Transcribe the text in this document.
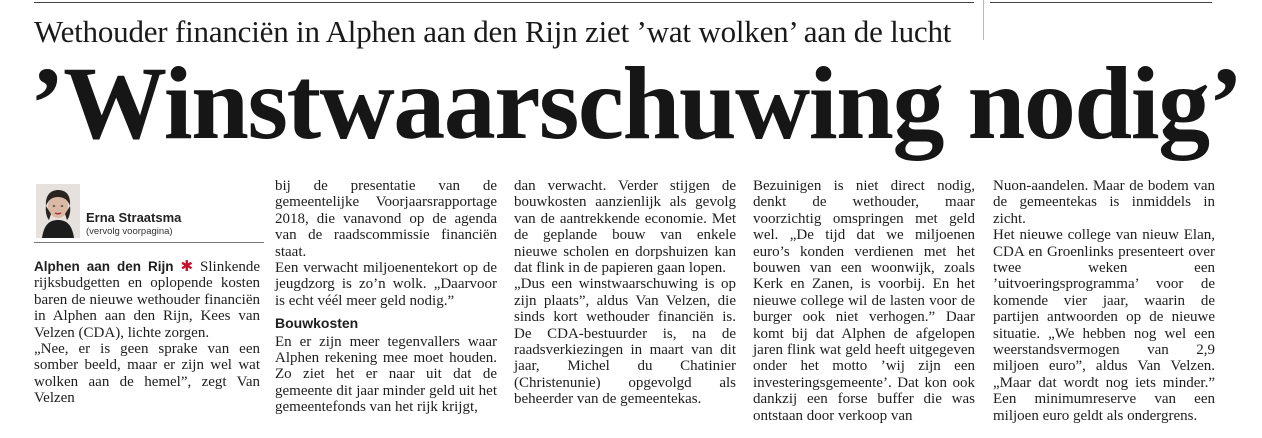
Wethouder financiën in Alphen aan den Rijn ziet ’wat wolken’ aan de lucht
’Winstwaarschuwing nodig’
Erna Straatsma
(vervolg voorpagina)

Alphen aan den Rijn ✱ Slinkende rijksbudgetten en oplopende kosten baren de nieuwe wethouder financiën in Alphen aan den Rijn, Kees van Velzen (CDA), lichte zorgen.

„Nee, er is geen sprake van een somber beeld, maar er zijn wel wat wolken aan de hemel”, zegt Van Velzen

bij de presentatie van de gemeentelijke Voorjaarsrapportage 2018, die vanavond op de agenda van de raadscommissie financiën staat.

Een verwacht miljoenentekort op de jeugdzorg is zo’n wolk. „Daarvoor is echt véél meer geld nodig.”

Bouwkosten

En er zijn meer tegenvallers waar Alphen rekening mee moet houden. Zo ziet het er naar uit dat de gemeente dit jaar minder geld uit het gemeentefonds van het rijk krijgt,

dan verwacht. Verder stijgen de bouwkosten aanzienlijk als gevolg van de aantrekkende economie. Met de geplande bouw van enkele nieuwe scholen en dorpshuizen kan dat flink in de papieren gaan lopen.

„Dus een winstwaarschuwing is op zijn plaats”, aldus Van Velzen, die sinds kort wethouder financiën is. De CDA-bestuurder is, na de raadsverkiezingen in maart van dit jaar, Michel du Chatinier (Christenunie) opgevolgd als beheerder van de gemeentekas.

Bezuinigen is niet direct nodig, denkt de wethouder, maar voorzichtig omspringen met geld wel. „De tijd dat we miljoenen euro’s konden verdienen met het bouwen van een woonwijk, zoals Kerk en Zanen, is voorbij. En het nieuwe college wil de lasten voor de burger ook niet verhogen.” Daar komt bij dat Alphen de afgelopen jaren flink wat geld heeft uitgegeven onder het motto ’wij zijn een investeringsgemeente’. Dat kon ook dankzij een forse buffer die was ontstaan door verkoop van

Nuon-aandelen. Maar de bodem van de gemeentekas is inmiddels in zicht.

Het nieuwe college van nieuw Elan, CDA en Groenlinks presenteert over twee weken een ’uitvoeringsprogramma’ voor de komende vier jaar, waarin de partijen antwoorden op de nieuwe situatie. „We hebben nog wel een weerstandsvermogen van 2,9 miljoen euro”, aldus Van Velzen. „Maar dat wordt nog iets minder.” Een minimumreserve van een miljoen euro geldt als ondergrens.
